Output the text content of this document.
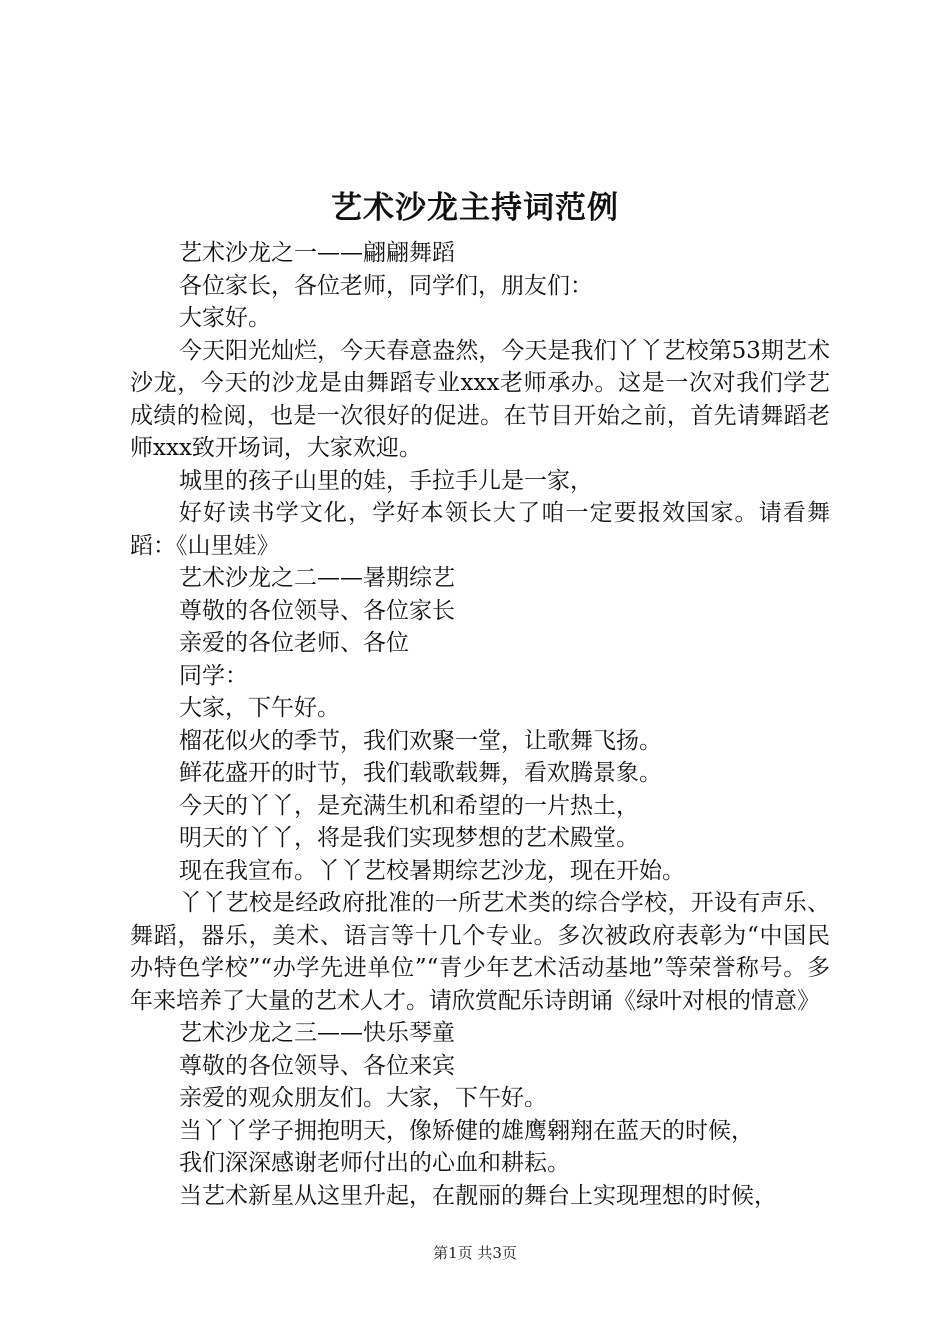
艺术沙龙主持词范例

艺术沙龙之一——翩翩舞蹈

各位家长，各位老师，同学们，朋友们：

大家好。

今天阳光灿烂，今天春意盎然，今天是我们丫丫艺校第53期艺术沙龙，今天的沙龙是由舞蹈专业xxx老师承办。这是一次对我们学艺成绩的检阅，也是一次很好的促进。在节目开始之前，首先请舞蹈老师xxx致开场词，大家欢迎。

城里的孩子山里的娃，手拉手儿是一家，

好好读书学文化，学好本领长大了咱一定要报效国家。请看舞蹈：《山里娃》

艺术沙龙之二——暑期综艺

尊敬的各位领导、各位家长

亲爱的各位老师、各位

同学：

大家，下午好。

榴花似火的季节，我们欢聚一堂，让歌舞飞扬。

鲜花盛开的时节，我们载歌载舞，看欢腾景象。

今天的丫丫，是充满生机和希望的一片热土，

明天的丫丫，将是我们实现梦想的艺术殿堂。

现在我宣布。丫丫艺校暑期综艺沙龙，现在开始。

丫丫艺校是经政府批准的一所艺术类的综合学校，开设有声乐、舞蹈，器乐，美术、语言等十几个专业。多次被政府表彰为“中国民办特色学校”“办学先进单位”“青少年艺术活动基地”等荣誉称号。多年来培养了大量的艺术人才。请欣赏配乐诗朗诵《绿叶对根的情意》

艺术沙龙之三——快乐琴童

尊敬的各位领导、各位来宾

亲爱的观众朋友们。大家，下午好。

当丫丫学子拥抱明天，像矫健的雄鹰翱翔在蓝天的时候，

我们深深感谢老师付出的心血和耕耘。

当艺术新星从这里升起，在靓丽的舞台上实现理想的时候，

第1页 共3页
